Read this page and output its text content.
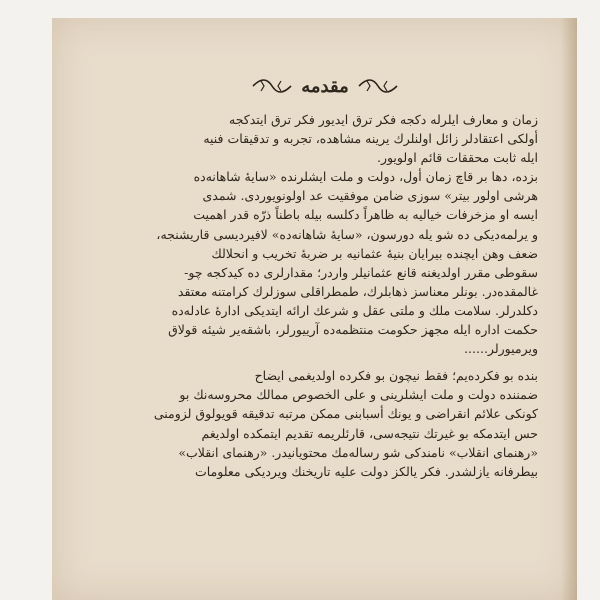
مقدمه
زمان و معارف ايلرله دكجه فكر ترق ايديور فكر ترق ايتدكجه
أولكى اعتقادلر زائل اولنلرك يرينه مشاهده، تجربه و تدقيقات فنيه
ايله ثابت محققات قائم اولويور.
بزده، دها بر قاچ زمان أول، دولت و ملت ايشلرنده «سايهٔ شاهانه‌ده
هرشى اولور بيتر» سوزى ضامن موفقيت عد اولونويوردى. شمدى
ايسه او مزخرفات خياليه به ظاهراً دكلسه بيله باطناً ذرّه قدر اهميت
و يرلمه‌دیكى ده شو يله دورسون، «سايهٔ شاهانه‌ده» لافيردیسى قاريشنجه،
ضعف وهن ايچنده بيرايان بنيهٔ عثمانيه بر ضربهٔ تخريب و انحلالك
سقوطى مقرر اولديغنه قانع عثمانيلر واردر؛ مقدارلرى ده كيدكجه چو-
غالمقده‌در. بونلر معناسز ذهابلرك، طمطراقلى سوزلرك كرامتنه معتقد
دكلدرلر. سلامت ملك و ملتى عقل و شرعك ارائه ايتديكى ادارهٔ عادله‌ده
حكمت اداره ايله مجهز حكومت منتظمه‌ده آرييورلر، باشقه‌ير شيئه قولاق
ويرميورلر......
بنده بو فكرده‌يم؛ فقط نيچون بو فكرده اولديغمى ايضاح
ضمننده دولت و ملت ايشلرينى و على الخصوص ممالك محروسه‌نك بو
كونكى علائم انقراضى و يونك أسبابنى ممكن مرتبه تدقيقه قويولوق لزومنى
حس ايتدمكه بو غيرتك نتيجه‌سى، قارئلريمه تقديم ايتمكده اولديغم
«رهنماى انقلاب» نامندكى شو رساله‌مك محتويانيدر. «رهنماى انقلاب»
بيطرفانه يازلشدر. فكر يالكز دولت عليه تاريخنك ويرديكى معلومات
